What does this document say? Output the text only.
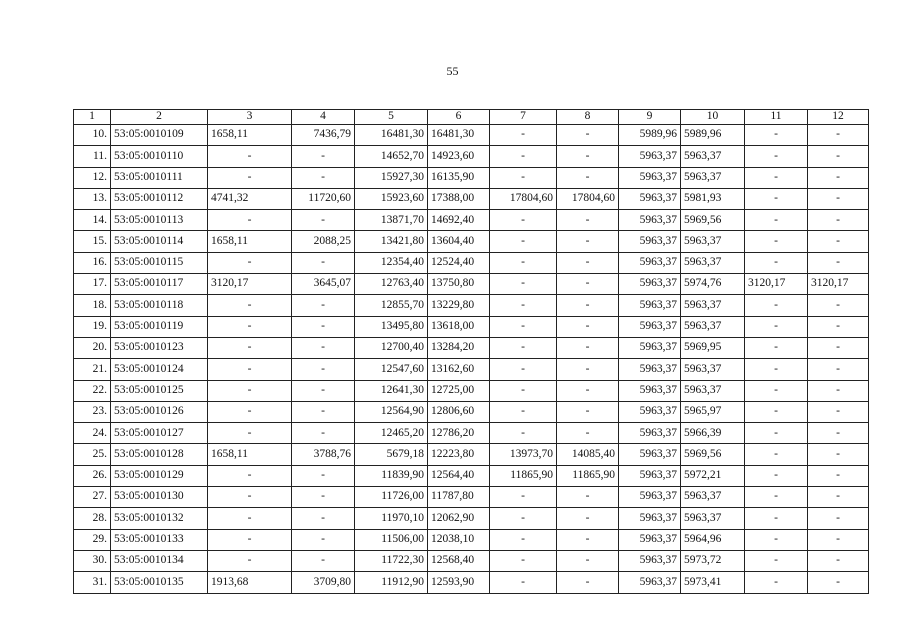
55
1	2	3	4	5	6	7	8	9	10	11	12
10.	53:05:0010109	1658,11	7436,79	16481,30	16481,30	-	-	5989,96	5989,96	-	-
11.	53:05:0010110	-	-	14652,70	14923,60	-	-	5963,37	5963,37	-	-
12.	53:05:0010111	-	-	15927,30	16135,90	-	-	5963,37	5963,37	-	-
13.	53:05:0010112	4741,32	11720,60	15923,60	17388,00	17804,60	17804,60	5963,37	5981,93	-	-
14.	53:05:0010113	-	-	13871,70	14692,40	-	-	5963,37	5969,56	-	-
15.	53:05:0010114	1658,11	2088,25	13421,80	13604,40	-	-	5963,37	5963,37	-	-
16.	53:05:0010115	-	-	12354,40	12524,40	-	-	5963,37	5963,37	-	-
17.	53:05:0010117	3120,17	3645,07	12763,40	13750,80	-	-	5963,37	5974,76	3120,17	3120,17
18.	53:05:0010118	-	-	12855,70	13229,80	-	-	5963,37	5963,37	-	-
19.	53:05:0010119	-	-	13495,80	13618,00	-	-	5963,37	5963,37	-	-
20.	53:05:0010123	-	-	12700,40	13284,20	-	-	5963,37	5969,95	-	-
21.	53:05:0010124	-	-	12547,60	13162,60	-	-	5963,37	5963,37	-	-
22.	53:05:0010125	-	-	12641,30	12725,00	-	-	5963,37	5963,37	-	-
23.	53:05:0010126	-	-	12564,90	12806,60	-	-	5963,37	5965,97	-	-
24.	53:05:0010127	-	-	12465,20	12786,20	-	-	5963,37	5966,39	-	-
25.	53:05:0010128	1658,11	3788,76	5679,18	12223,80	13973,70	14085,40	5963,37	5969,56	-	-
26.	53:05:0010129	-	-	11839,90	12564,40	11865,90	11865,90	5963,37	5972,21	-	-
27.	53:05:0010130	-	-	11726,00	11787,80	-	-	5963,37	5963,37	-	-
28.	53:05:0010132	-	-	11970,10	12062,90	-	-	5963,37	5963,37	-	-
29.	53:05:0010133	-	-	11506,00	12038,10	-	-	5963,37	5964,96	-	-
30.	53:05:0010134	-	-	11722,30	12568,40	-	-	5963,37	5973,72	-	-
31.	53:05:0010135	1913,68	3709,80	11912,90	12593,90	-	-	5963,37	5973,41	-	-
